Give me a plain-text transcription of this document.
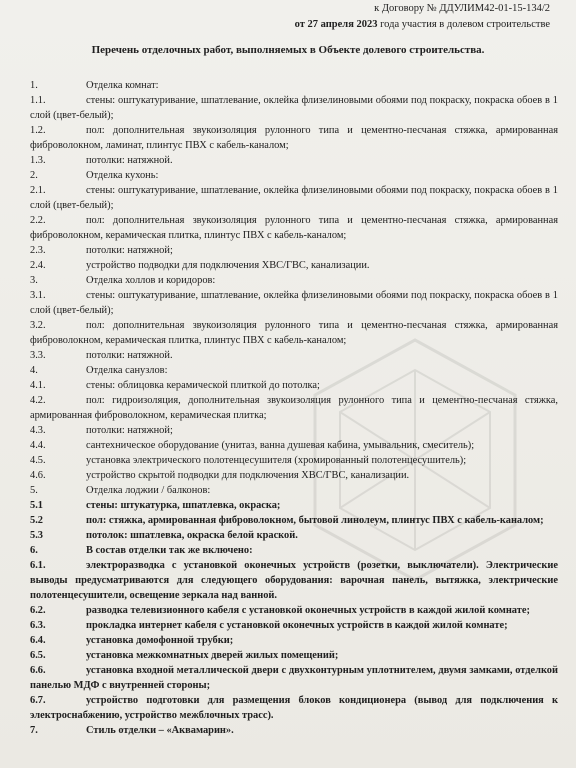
к Договору № ДДУЛИМ42-01-15-134/2
от 27 апреля 2023 года участия в долевом строительстве
Перечень отделочных работ, выполняемых в Объекте долевого строительства.
1.	Отделка комнат:
1.1.	стены: оштукатуривание, шпатлевание, оклейка флизелиновыми обоями под покраску, покраска обоев в 1 слой (цвет-белый);
1.2.	пол: дополнительная звукоизоляция рулонного типа и цементно-песчаная стяжка, армированная фиброволокном, ламинат, плинтус ПВХ с кабель-каналом;
1.3.	потолки: натяжной.
2.	Отделка кухонь:
2.1.	стены: оштукатуривание, шпатлевание, оклейка флизелиновыми обоями под покраску, покраска обоев в 1 слой (цвет-белый);
2.2.	пол: дополнительная звукоизоляция рулонного типа и цементно-песчаная стяжка, армированная фиброволокном, керамическая плитка, плинтус ПВХ с кабель-каналом;
2.3.	потолки: натяжной;
2.4.	устройство подводки для подключения ХВС/ГВС, канализации.
3.	Отделка холлов и коридоров:
3.1.	стены: оштукатуривание, шпатлевание, оклейка флизелиновыми обоями под покраску, покраска обоев в 1 слой (цвет-белый);
3.2.	пол: дополнительная звукоизоляция рулонного типа и цементно-песчаная стяжка, армированная фиброволокном, керамическая плитка, плинтус ПВХ с кабель-каналом;
3.3.	потолки: натяжной.
4.	Отделка санузлов:
4.1.	стены: облицовка керамической плиткой до потолка;
4.2.	пол: гидроизоляция, дополнительная звукоизоляция рулонного типа и цементно-песчаная стяжка, армированная фиброволокном, керамическая плитка;
4.3.	потолки: натяжной;
4.4.	сантехническое оборудование (унитаз, ванна душевая кабина, умывальник, смеситель);
4.5.	установка электрического полотенцесушителя (хромированный полотенцесушитель);
4.6.	устройство скрытой подводки для подключения ХВС/ГВС, канализации.
5.	Отделка лоджии / балконов:
5.1	стены: штукатурка, шпатлевка, окраска;
5.2	пол: стяжка, армированная фиброволокном, бытовой линолеум, плинтус ПВХ с кабель-каналом;
5.3	потолок: шпатлевка, окраска белой краской.
6.	В состав отделки так же включено:
6.1.	электроразводка с установкой оконечных устройств (розетки, выключатели). Электрические выводы предусматриваются для следующего оборудования: варочная панель, вытяжка, электрические полотенцесушители, освещение зеркала над ванной.
6.2.	разводка телевизионного кабеля с установкой оконечных устройств в каждой жилой комнате;
6.3.	прокладка интернет кабеля с установкой оконечных устройств в каждой жилой комнате;
6.4.	установка домофонной трубки;
6.5.	установка межкомнатных дверей жилых помещений;
6.6.	установка входной металлической двери с двухконтурным уплотнителем, двумя замками, отделкой панелью МДФ с внутренней стороны;
6.7.	устройство подготовки для размещения блоков кондиционера (вывод для подключения к электроснабжению, устройство межблочных трасс).
7.	Стиль отделки – «Аквамарин».
